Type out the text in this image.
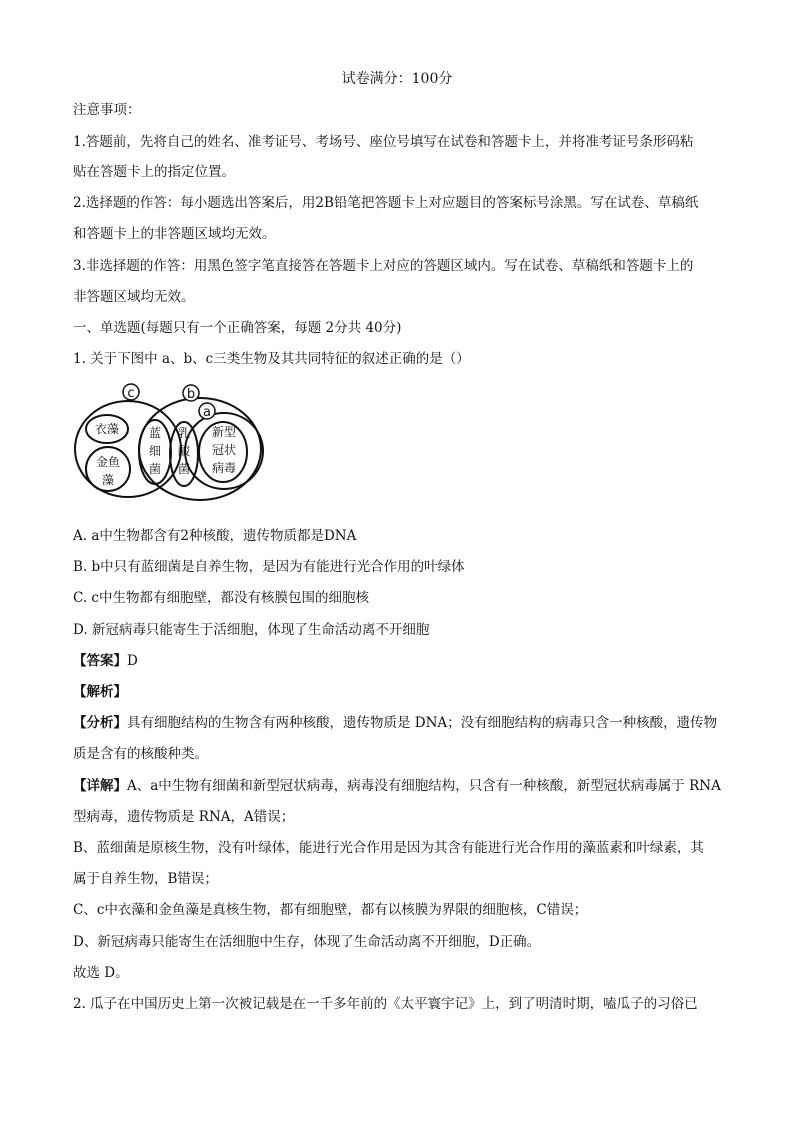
试卷满分：100分
注意事项：
1.答题前，先将自己的姓名、准考证号、考场号、座位号填写在试卷和答题卡上，并将准考证号条形码粘
贴在答题卡上的指定位置。
2.选择题的作答：每小题选出答案后，用2B铅笔把答题卡上对应题目的答案标号涂黑。写在试卷、草稿纸
和答题卡上的非答题区域均无效。
3.非选择题的作答：用黑色签字笔直接答在答题卡上对应的答题区域内。写在试卷、草稿纸和答题卡上的
非答题区域均无效。
一、单选题(每题只有一个正确答案，每题 2分共 40分)
1. 关于下图中 a、b、c三类生物及其共同特征的叙述正确的是（）
c	b
a
衣藻
金鱼
藻
蓝
细
菌
乳
酸
菌
新型
冠状
病毒
A. a中生物都含有2种核酸，遗传物质都是DNA
B. b中只有蓝细菌是自养生物，是因为有能进行光合作用的叶绿体
C. c中生物都有细胞壁，都没有核膜包围的细胞核
D. 新冠病毒只能寄生于活细胞，体现了生命活动离不开细胞
【答案】D
【解析】
【分析】具有细胞结构的生物含有两种核酸，遗传物质是 DNA；没有细胞结构的病毒只含一种核酸，遗传物
质是含有的核酸种类。
【详解】A、a中生物有细菌和新型冠状病毒，病毒没有细胞结构，只含有一种核酸，新型冠状病毒属于 RNA
型病毒，遗传物质是 RNA，A错误；
B、蓝细菌是原核生物，没有叶绿体，能进行光合作用是因为其含有能进行光合作用的藻蓝素和叶绿素，其
属于自养生物，B错误；
C、c中衣藻和金鱼藻是真核生物，都有细胞壁，都有以核膜为界限的细胞核，C错误；
D、新冠病毒只能寄生在活细胞中生存，体现了生命活动离不开细胞，D正确。
故选 D。
2. 瓜子在中国历史上第一次被记载是在一千多年前的《太平寰宇记》上，到了明清时期，嗑瓜子的习俗已
